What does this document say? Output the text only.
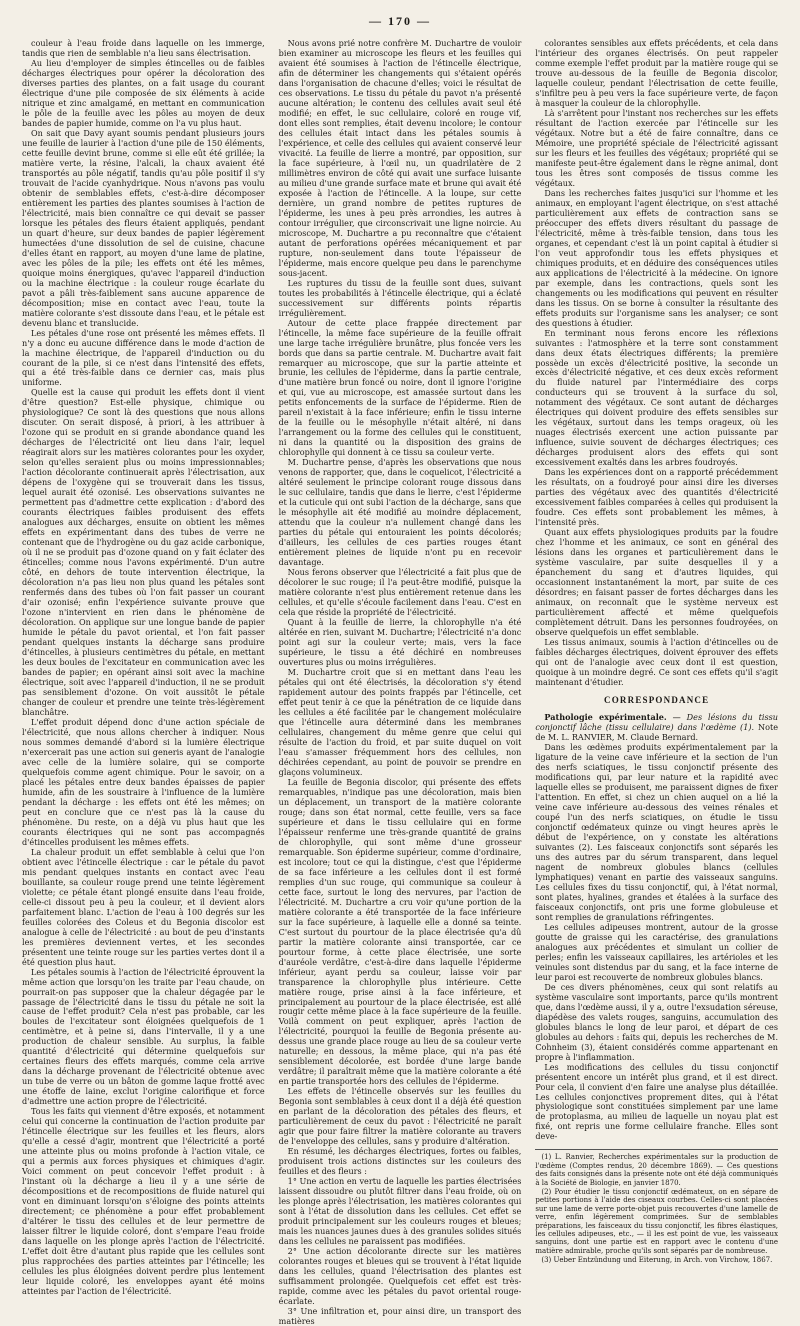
— 170 —

couleur à l'eau froide dans laquelle on les immerge, tandis que rien de semblable n'a lieu sans électrisation.

Au lieu d'employer de simples étincelles ou de faibles décharges électriques pour opérer la décoloration des diverses parties des plantes, on a fait usage du courant électrique d'une pile composée de six éléments à acide nitrique et zinc amalgamé, en mettant en communication le pôle de la feuille avec les pôles au moyen de deux bandes de papier humide, comme on l'a vu plus haut.

On sait que Davy ayant soumis pendant plusieurs jours une feuille de laurier à l'action d'une pile de 150 éléments, cette feuille devint brune, comme si elle eût été grillée; la matière verte, la résine, l'alcali, la chaux avaient été transportés au pôle négatif, tandis qu'au pôle positif il s'y trouvait de l'acide cyanhydrique. Nous n'avons pas voulu obtenir de semblables effets, c'est-à-dire décomposer entièrement les parties des plantes soumises à l'action de l'électricité, mais bien connaître ce qui devait se passer lorsque les pétales des fleurs étaient appliqués, pendant un quart d'heure, sur deux bandes de papier légèrement humectées d'une dissolution de sel de cuisine, chacune d'elles étant en rapport, au moyen d'une lame de platine, avec les pôles de la pile; les effets ont été les mêmes, quoique moins énergiques, qu'avec l'appareil d'induction ou la machine électrique : la couleur rouge écarlate du pavot a pâli très-faiblement sans aucune apparence de décomposition; mise en contact avec l'eau, toute la matière colorante s'est dissoute dans l'eau, et le pétale est devenu blanc et translucide.

Les pétales d'une rose ont présenté les mêmes effets. Il n'y a donc eu aucune différence dans le mode d'action de la machine électrique, de l'appareil d'induction ou du courant de la pile, si ce n'est dans l'intensité des effets, qui a été très-faible dans ce dernier cas, mais plus uniforme.

Quelle est la cause qui produit les effets dont il vient d'être question? Est-elle physique, chimique ou physiologique? Ce sont là des questions que nous allons discuter. On serait disposé, à priori, à les attribuer à l'ozone qui se produit en si grande abondance quand les décharges de l'électricité ont lieu dans l'air, lequel réagirait alors sur les matières colorantes pour les oxyder, selon qu'elles seraient plus ou moins impressionnables; l'action décolorante continuerait après l'électrisation, aux dépens de l'oxygène qui se trouverait dans les tissus, lequel aurait été ozonisé. Les observations suivantes ne permettent pas d'admettre cette explication : d'abord des courants électriques faibles produisent des effets analogues aux décharges, ensuite on obtient les mêmes effets en expérimentant dans des tubes de verre ne contenant que de l'hydrogène ou du gaz acide carbonique, où il ne se produit pas d'ozone quand on y fait éclater des étincelles; comme nous l'avons expérimenté. D'un autre côté, en dehors de toute intervention électrique, la décoloration n'a pas lieu non plus quand les pétales sont renfermés dans des tubes où l'on fait passer un courant d'air ozonisé; enfin l'expérience suivante prouve que l'ozone n'intervient en rien dans le phénomène de décoloration. On applique sur une longue bande de papier humide le pétale du pavot oriental, et l'on fait passer pendant quelques instants la décharge sans produire d'étincelles, à plusieurs centimètres du pétale, en mettant les deux boules de l'excitateur en communication avec les bandes de papier; en opérant ainsi soit avec la machine électrique, soit avec l'appareil d'induction, il ne se produit pas sensiblement d'ozone. On voit aussitôt le pétale changer de couleur et prendre une teinte très-légèrement blanchâtre.

L'effet produit dépend donc d'une action spéciale de l'électricité, que nous allons chercher à indiquer. Nous nous sommes demandé d'abord si la lumière électrique n'exercerait pas une action sui generis ayant de l'analogie avec celle de la lumière solaire, qui se comporte quelquefois comme agent chimique. Pour le savoir, on a placé les pétales entre deux bandes épaisses de papier humide, afin de les soustraire à l'influence de la lumière pendant la décharge : les effets ont été les mêmes; on peut en conclure que ce n'est pas là la cause du phénomène. Du reste, on a déjà vu plus haut que les courants électriques qui ne sont pas accompagnés d'étincelles produisent les mêmes effets.

La chaleur produit un effet semblable à celui que l'on obtient avec l'étincelle électrique : car le pétale du pavot mis pendant quelques instants en contact avec l'eau bouillante, sa couleur rouge prend une teinte légèrement violette; ce pétale étant plongé ensuite dans l'eau froide, celle-ci dissout peu à peu la couleur, et il devient alors parfaitement blanc. L'action de l'eau à 100 degrés sur les feuilles colorées des Coleus et du Begonia discolor est analogue à celle de l'électricité : au bout de peu d'instants les premières deviennent vertes, et les secondes présentent une teinte rouge sur les parties vertes dont il a été question plus haut.

Les pétales soumis à l'action de l'électricité éprouvent la même action que lorsqu'on les traite par l'eau chaude, on pourrait-on pas supposer que la chaleur dégagée par le passage de l'électricité dans le tissu du pétale ne soit la cause de l'effet produit? Cela n'est pas probable, car les boules de l'excitateur sont éloignées quelquefois de 1 centimètre, et à peine si, dans l'intervalle, il y a une production de chaleur sensible. Au surplus, la faible quantité d'électricité qui détermine quelquefois sur certaines fleurs des effets marqués, comme cela arrive dans la décharge provenant de l'électricité obtenue avec un tube de verre ou un bâton de gomme laque frotté avec une étoffe de laine, exclut l'origine calorifique et force d'admettre une action propre de l'électricité.

Tous les faits qui viennent d'être exposés, et notamment celui qui concerne la continuation de l'action produite par l'étincelle électrique sur les feuilles et les fleurs, alors qu'elle a cessé d'agir, montrent que l'électricité a porté une atteinte plus ou moins profonde à l'action vitale, ce qui a permis aux forces physiques et chimiques d'agir. Voici comment on peut concevoir l'effet produit : à l'instant où la décharge a lieu il y a une série de décompositions et de recompositions de fluide naturel qui vont en diminuant lorsqu'on s'éloigne des points atteints directement; ce phénomène a pour effet probablement d'altérer le tissu des cellules et de leur permettre de laisser filtrer le liquide coloré, dont s'empare l'eau froide dans laquelle on les plonge après l'action de l'électricité. L'effet doit être d'autant plus rapide que les cellules sont plus rapprochées des parties atteintes par l'étincelle; les cellules les plus éloignées doivent perdre plus lentement leur liquide coloré, les enveloppes ayant été moins atteintes par l'action de l'électricité.

Nous avons prié notre confrère M. Duchartre de vouloir bien examiner au microscope les fleurs et les feuilles qui avaient été soumises à l'action de l'étincelle électrique, afin de déterminer les changements qui s'étaient opérés dans l'organisation de chacune d'elles; voici le résultat de ces observations. Le tissu du pétale du pavot n'a présenté aucune altération; le contenu des cellules avait seul été modifié; en effet, le suc cellulaire, coloré en rouge vif, dont elles sont remplies, était devenu incolore; le contour des cellules était intact dans les pétales soumis à l'expérience, et celle des cellules qui avaient conservé leur vivacité. La feuille de lierre a montré, par opposition, sur la face supérieure, à l'œil nu, un quadrilatère de 2 millimètres environ de côté qui avait une surface luisante au milieu d'une grande surface mate et brune qui avait été exposée à l'action de l'étincelle. A la loupe, sur cette dernière, un grand nombre de petites ruptures de l'épiderme, les unes à peu près arrondies, les autres à contour irrégulier, que circonscrivait une ligne noircie. Au microscope, M. Duchartre a pu reconnaître que c'étaient autant de perforations opérées mécaniquement et par rupture, non-seulement dans toute l'épaisseur de l'épiderme, mais encore quelque peu dans le parenchyme sous-jacent.

Les ruptures du tissu de la feuille sont dues, suivant toutes les probabilités à l'étincelle électrique, qui a éclaté successivement sur différents points répartis irrégulièrement.

Autour de cette place frappée directement par l'étincelle, la même face supérieure de la feuille offrait une large tache irrégulière brunâtre, plus foncée vers les bords que dans sa partie centrale. M. Duchartre avait fait remarquer au microscope, que sur la partie atteinte et brunie, les cellules de l'épiderme, dans la partie centrale, d'une matière brun foncé ou noire, dont il ignore l'origine et qui, vue au microscope, est amassée surtout dans les petits enfoncements de la surface de l'épiderme. Rien de pareil n'existait à la face inférieure; enfin le tissu interne de la feuille ou le mésophylle n'était altéré, ni dans l'arrangement ou la forme des cellules qui le constituent, ni dans la quantité ou la disposition des grains de chlorophylle qui donnent à ce tissu sa couleur verte.

M. Duchartre pense, d'après les observations que nous venons de rapporter, que, dans le coquelicot, l'électricité a altéré seulement le principe colorant rouge dissous dans le suc cellulaire, tandis que dans le lierre, c'est l'épiderme et la cuticule qui ont subi l'action de la décharge, sans que le mésophylle ait été modifié au moindre déplacement, attendu que la couleur n'a nullement changé dans les parties du pétale qui entouraient les points décolorés; d'ailleurs, les cellules de ces parties rouges étant entièrement pleines de liquide n'ont pu en recevoir davantage.

Nous ferons observer que l'électricité a fait plus que de décolorer le suc rouge; il l'a peut-être modifié, puisque la matière colorante n'est plus entièrement retenue dans les cellules, et qu'elle s'écoule facilement dans l'eau. C'est en cela que réside la propriété de l'électricité.

Quant à la feuille de lierre, la chlorophylle n'a été altérée en rien, suivant M. Duchartre; l'électricité n'a donc point agi sur la couleur verte; mais, vers la face supérieure, le tissu a été déchiré en nombreuses ouvertures plus ou moins irrégulières.

M. Duchartre croit que si en mettant dans l'eau les pétales qui ont été électrisés, la décoloration s'y étend rapidement autour des points frappés par l'étincelle, cet effet peut tenir à ce que la pénétration de ce liquide dans les cellules a été facilitée par le changement moléculaire que l'étincelle aura déterminé dans les membranes cellulaires, changement du même genre que celui qui résulte de l'action du froid, et par suite duquel on voit l'eau s'amasser fréquemment hors des cellules, non déchirées cependant, au point de pouvoir se prendre en glaçons volumineux.

La feuille de Begonia discolor, qui présente des effets remarquables, n'indique pas une décoloration, mais bien un déplacement, un transport de la matière colorante rouge; dans son état normal, cette feuille, vers sa face supérieure et dans le tissu cellulaire qui en forme l'épaisseur renferme une très-grande quantité de grains de chlorophylle, qui sont même d'une grosseur remarquable. Son épiderme supérieur, comme d'ordinaire, est incolore; tout ce qui la distingue, c'est que l'épiderme de sa face inférieure a les cellules dont il est formé remplies d'un suc rouge, qui communique sa couleur à cette face, surtout le long des nervures, par l'action de l'électricité. M. Duchartre a cru voir qu'une portion de la matière colorante a été transportée de la face inférieure sur la face supérieure, à laquelle elle a donné sa teinte. C'est surtout du pourtour de la place électrisée qu'a dû partir la matière colorante ainsi transportée, car ce pourtour forme, à cette place électrisée, une sorte d'auréole verdâtre, c'est-à-dire dans laquelle l'épiderme inférieur, ayant perdu sa couleur, laisse voir par transparence la chlorophylle plus intérieure. Cette matière rouge, prise ainsi à la face inférieure, et principalement au pourtour de la place électrisée, est allé rougir cette même place à la face supérieure de la feuille. Voilà comment on peut expliquer, après l'action de l'électricité, pourquoi la feuille de Begonia présente au-dessus une grande place rouge au lieu de sa couleur verte naturelle; en dessous, la même place, qui n'a pas été sensiblement décolorée, est bordée d'une large bande verdâtre; il paraîtrait même que la matière colorante a été en partie transportée hors des cellules de l'épiderme.

Les effets de l'étincelle observés sur les feuilles du Begonia sont semblables à ceux dont il a déjà été question en parlant de la décoloration des pétales des fleurs, et particulièrement de ceux du pavot : l'électricité ne paraît agir que pour faire filtrer la matière colorante au travers de l'enveloppe des cellules, sans y produire d'altération.

En résumé, les décharges électriques, fortes ou faibles, produisent trois actions distinctes sur les couleurs des feuilles et des fleurs :

1° Une action en vertu de laquelle les parties électrisées laissent dissoudre ou plutôt filtrer dans l'eau froide, où on les plonge après l'électrisation, les matières colorantes qui sont à l'état de dissolution dans les cellules. Cet effet se produit principalement sur les couleurs rouges et bleues; mais les nuances jaunes dues à des granules solides situés dans les cellules ne paraissent pas modifiées.

2° Une action décolorante directe sur les matières colorantes rouges et bleues qui se trouvent à l'état liquide dans les cellules, quand l'électrisation des plantes est suffisamment prolongée. Quelquefois cet effet est très-rapide, comme avec les pétales du pavot oriental rouge-écarlate.

3° Une infiltration et, pour ainsi dire, un transport des matières

colorantes sensibles aux effets précédents, et cela dans l'intérieur des organes électrisés. On peut rappeler comme exemple l'effet produit par la matière rouge qui se trouve au-dessous de la feuille de Begonia discolor, laquelle couleur, pendant l'électrisation de cette feuille, s'infiltre peu à peu vers la face supérieure verte, de façon à masquer la couleur de la chlorophylle.

Là s'arrêtent pour l'instant nos recherches sur les effets résultant de l'action exercée par l'étincelle sur les végétaux. Notre but a été de faire connaître, dans ce Mémoire, une propriété spéciale de l'électricité agissant sur les fleurs et les feuilles des végétaux; propriété qui se manifeste peut-être également dans le règne animal, dont tous les êtres sont composés de tissus comme les végétaux.

Dans les recherches faites jusqu'ici sur l'homme et les animaux, en employant l'agent électrique, on s'est attaché particulièrement aux effets de contraction sans se préoccuper des effets divers résultant du passage de l'électricité, même à très-faible tension, dans tous les organes, et cependant c'est là un point capital à étudier si l'on veut approfondir tous les effets physiques et chimiques produits, et en déduire des conséquences utiles aux applications de l'électricité à la médecine. On ignore par exemple, dans les contractions, quels sont les changements ou les modifications qui peuvent en résulter dans les tissus. On se borne à consulter la résultante des effets produits sur l'organisme sans les analyser; ce sont des questions à étudier.

En terminant nous ferons encore les réflexions suivantes : l'atmosphère et la terre sont constamment dans deux états électriques différents; la première possède un excès d'électricité positive, la seconde un excès d'électricité négative, et ces deux excès reforment du fluide naturel par l'intermédiaire des corps conducteurs qui se trouvent à la surface du sol, notamment des végétaux. Ce sont autant de décharges électriques qui doivent produire des effets sensibles sur les végétaux, surtout dans les temps orageux, où les nuages électrisés exercent une action puissante par influence, suivie souvent de décharges électriques; ces décharges produisent alors des effets qui sont excessivement exaltés dans les arbres foudroyés.

Dans les expériences dont on a rapporté précédemment les résultats, on a foudroyé pour ainsi dire les diverses parties des végétaux avec des quantités d'électricité excessivement faibles comparées à celles qui produisent la foudre. Ces effets sont probablement les mêmes, à l'intensité près.

Quant aux effets physiologiques produits par la foudre chez l'homme et les animaux, ce sont en général des lésions dans les organes et particulièrement dans le système vasculaire, par suite desquelles il y a épanchement du sang et d'autres liquides, qui occasionnent instantanément la mort, par suite de ces désordres; en faisant passer de fortes décharges dans les animaux, on reconnaît que le système nerveux est particulièrement affecté et même quelquefois complètement détruit. Dans les personnes foudroyées, on observe quelquefois un effet semblable.

Les tissus animaux, soumis à l'action d'étincelles ou de faibles décharges électriques, doivent éprouver des effets qui ont de l'analogie avec ceux dont il est question, quoique à un moindre degré. Ce sont ces effets qu'il s'agit maintenant d'étudier.

CORRESPONDANCE

Pathologie expérimentale. — Des lésions du tissu conjonctif lâche (tissu cellulaire) dans l'œdème (1). Note de M. L. RANVIER, M. Claude Bernard.

Dans les œdèmes produits expérimentalement par la ligature de la veine cave inférieure et la section de l'un des nerfs sciatiques, le tissu conjonctif présente des modifications qui, par leur nature et la rapidité avec laquelle elles se produisent, me paraissent dignes de fixer l'attention. En effet, si chez un chien auquel on a lié la veine cave inférieure au-dessous des veines rénales et coupé l'un des nerfs sciatiques, on étudie le tissu conjonctif œdémateux quinze ou vingt heures après le début de l'expérience, on y constate les altérations suivantes (2). Les faisceaux conjonctifs sont séparés les uns des autres par du sérum transparent, dans lequel nagent de nombreux globules blancs (cellules lymphatiques) venant en partie des vaisseaux sanguins. Les cellules fixes du tissu conjonctif, qui, à l'état normal, sont plates, hyalines, grandes et étalées à la surface des faisceaux conjonctifs, ont pris une forme globuleuse et sont remplies de granulations réfringentes.

Les cellules adipeuses montrent, autour de la grosse goutte de graisse qui les caractérise, des granulations analogues aux précédentes et simulant un collier de perles; enfin les vaisseaux capillaires, les artérioles et les veinules sont distendus par du sang, et la face interne de leur paroi est recouverte de nombreux globules blancs.

De ces divers phénomènes, ceux qui sont relatifs au système vasculaire sont importants, parce qu'ils montrent que, dans l'œdème aussi, il y a, outre l'exsudation séreuse, diapédèse des valets rouges, sanguins, accumulation des globules blancs le long de leur paroi, et départ de ces globules au dehors : faits qui, depuis les recherches de M. Cohnheim (3), étaient considérés comme appartenant en propre à l'inflammation.

Les modifications des cellules du tissu conjonctif présentent encore un intérêt plus grand, et il est direct. Pour cela, il convient d'en faire une analyse plus détaillée. Les cellules conjonctives proprement dites, qui à l'état physiologique sont constituées simplement par une lame de protoplasma, au milieu de laquelle un noyau plat est fixé, ont repris une forme cellulaire franche. Elles sont deve-

(1) L. Ranvier, Recherches expérimentales sur la production de l'œdème (Comptes rendus, 20 décembre 1869). — Ces questions des faits consignés dans la présente note ont été déjà communiqués à la Société de Biologie, en janvier 1870.

(2) Pour étudier le tissu conjonctif œdémateux, on en sépare de petites portions à l'aide des ciseaux courbes. Celles-ci sont placées sur une lame de verre porte-objet puis recouvertes d'une lamelle de verre, enfin légèrement comprimées. Sur de semblables préparations, les faisceaux du tissu conjonctif, les fibres élastiques, les cellules adipeuses, etc., — il les est point de vue, les vaisseaux sanguins, dont une partie est en rapport avec le contenu d'une matière admirable, proche qu'ils sont séparés par de nombreuse.

(3) Ueber Entzündung und Eiterung, in Arch. von Virchow, 1867.
